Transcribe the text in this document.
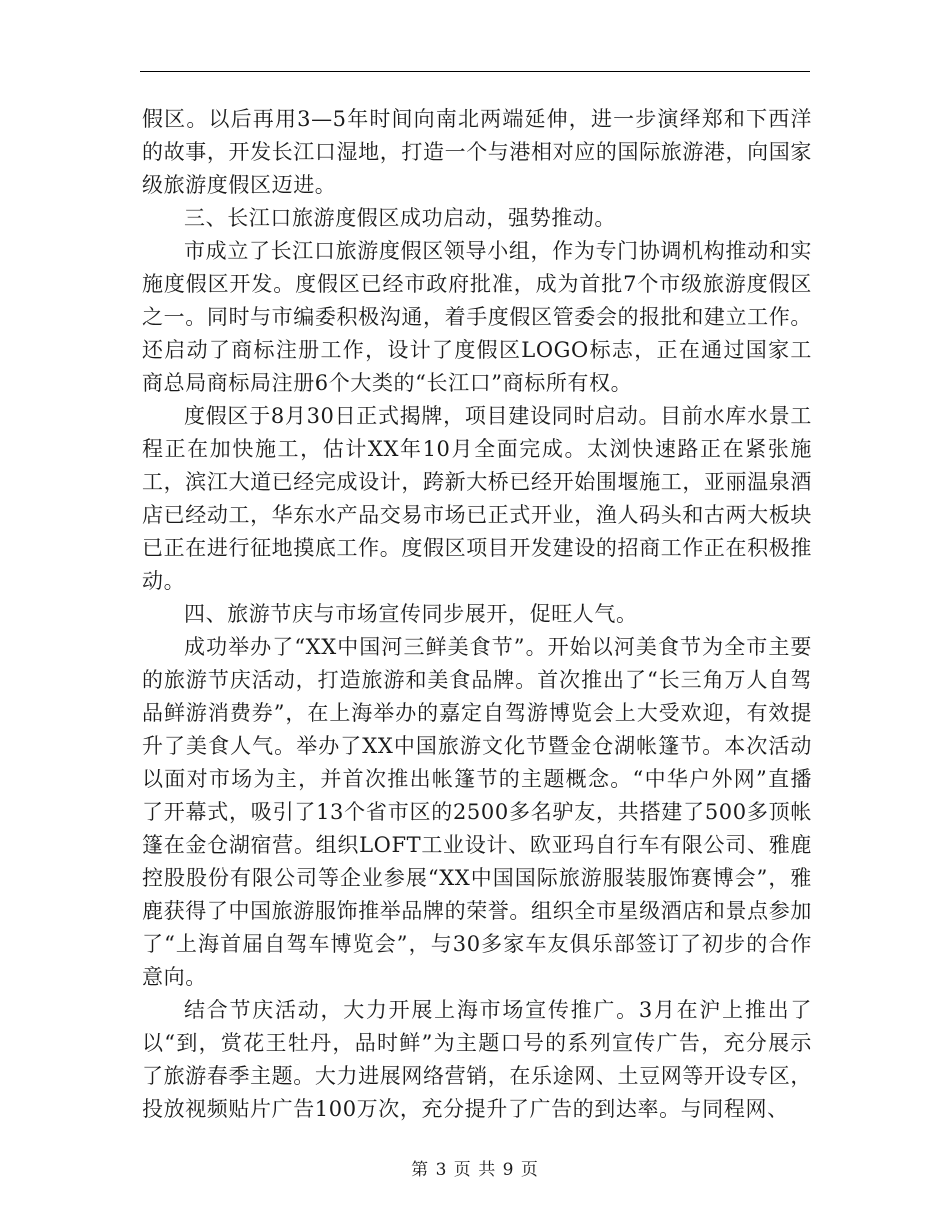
假区。以后再用3—5年时间向南北两端延伸，进一步演绎郑和下西洋的故事，开发长江口湿地，打造一个与港相对应的国际旅游港，向国家级旅游度假区迈进。

三、长江口旅游度假区成功启动，强势推动。

市成立了长江口旅游度假区领导小组，作为专门协调机构推动和实施度假区开发。度假区已经市政府批准，成为首批7个市级旅游度假区之一。同时与市编委积极沟通，着手度假区管委会的报批和建立工作。还启动了商标注册工作，设计了度假区LOGO标志，正在通过国家工商总局商标局注册6个大类的“长江口”商标所有权。

度假区于8月30日正式揭牌，项目建设同时启动。目前水库水景工程正在加快施工，估计XX年10月全面完成。太浏快速路正在紧张施工，滨江大道已经完成设计，跨新大桥已经开始围堰施工，亚丽温泉酒店已经动工，华东水产品交易市场已正式开业，渔人码头和古两大板块已正在进行征地摸底工作。度假区项目开发建设的招商工作正在积极推动。

四、旅游节庆与市场宣传同步展开，促旺人气。

成功举办了“XX中国河三鲜美食节”。开始以河美食节为全市主要的旅游节庆活动，打造旅游和美食品牌。首次推出了“长三角万人自驾品鲜游消费券”，在上海举办的嘉定自驾游博览会上大受欢迎，有效提升了美食人气。举办了XX中国旅游文化节暨金仓湖帐篷节。本次活动以面对市场为主，并首次推出帐篷节的主题概念。“中华户外网”直播了开幕式，吸引了13个省市区的2500多名驴友，共搭建了500多顶帐篷在金仓湖宿营。组织LOFT工业设计、欧亚玛自行车有限公司、雅鹿控股股份有限公司等企业参展“XX中国国际旅游服装服饰赛博会”，雅鹿获得了中国旅游服饰推举品牌的荣誉。组织全市星级酒店和景点参加了“上海首届自驾车博览会”，与30多家车友俱乐部签订了初步的合作意向。

结合节庆活动，大力开展上海市场宣传推广。3月在沪上推出了以“到，赏花王牡丹，品时鲜”为主题口号的系列宣传广告，充分展示了旅游春季主题。大力进展网络营销，在乐途网、土豆网等开设专区，投放视频贴片广告100万次，充分提升了广告的到达率。与同程网、

第 3 页 共 9 页
